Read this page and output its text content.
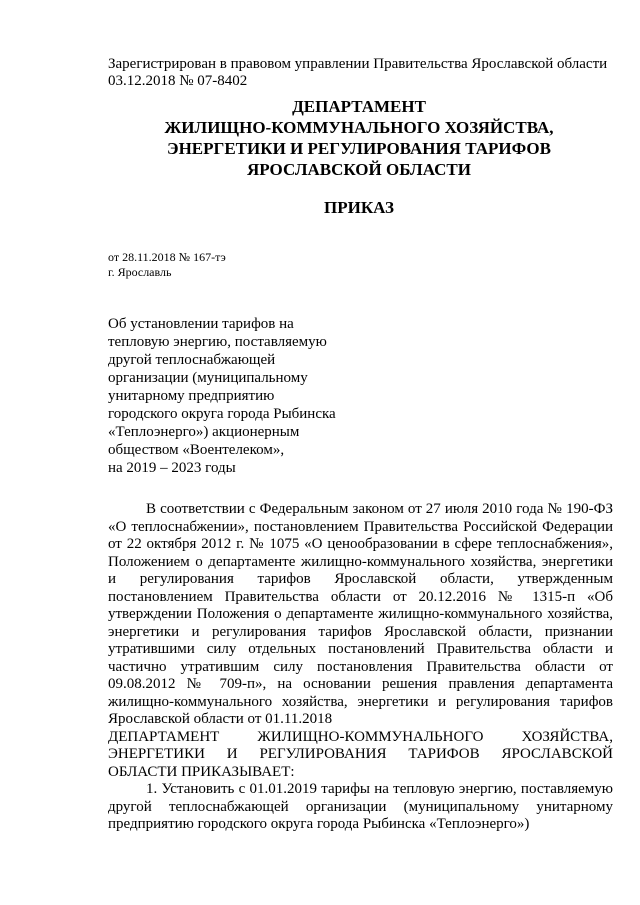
Зарегистрирован в правовом управлении Правительства Ярославской области
03.12.2018 № 07-8402
ДЕПАРТАМЕНТ
ЖИЛИЩНО-КОММУНАЛЬНОГО ХОЗЯЙСТВА,
ЭНЕРГЕТИКИ И РЕГУЛИРОВАНИЯ ТАРИФОВ
ЯРОСЛАВСКОЙ ОБЛАСТИ
ПРИКАЗ
от 28.11.2018 № 167-тэ
г. Ярославль
Об установлении тарифов на
тепловую энергию, поставляемую
другой теплоснабжающей
организации (муниципальному
унитарному предприятию
городского округа города Рыбинска
«Теплоэнерго») акционерным
обществом «Воентелеком»,
на 2019 – 2023 годы

В соответствии с Федеральным законом от 27 июля 2010 года № 190-ФЗ «О теплоснабжении», постановлением Правительства Российской Федерации от 22 октября 2012 г. № 1075 «О ценообразовании в сфере теплоснабжения», Положением о департаменте жилищно-коммунального хозяйства, энергетики и регулирования тарифов Ярославской области, утвержденным постановлением Правительства области от 20.12.2016 № 1315-п «Об утверждении Положения о департаменте жилищно-коммунального хозяйства, энергетики и регулирования тарифов Ярославской области, признании утратившими силу отдельных постановлений Правительства области и частично утратившим силу постановления Правительства области от 09.08.2012 № 709-п», на основании решения правления департамента жилищно-коммунального хозяйства, энергетики и регулирования тарифов Ярославской области от 01.11.2018

ДЕПАРТАМЕНТ ЖИЛИЩНО-КОММУНАЛЬНОГО ХОЗЯЙСТВА, ЭНЕРГЕТИКИ И РЕГУЛИРОВАНИЯ ТАРИФОВ ЯРОСЛАВСКОЙ ОБЛАСТИ ПРИКАЗЫВАЕТ:

1. Установить с 01.01.2019 тарифы на тепловую энергию, поставляемую другой теплоснабжающей организации (муниципальному унитарному предприятию городского округа города Рыбинска «Теплоэнерго»)
